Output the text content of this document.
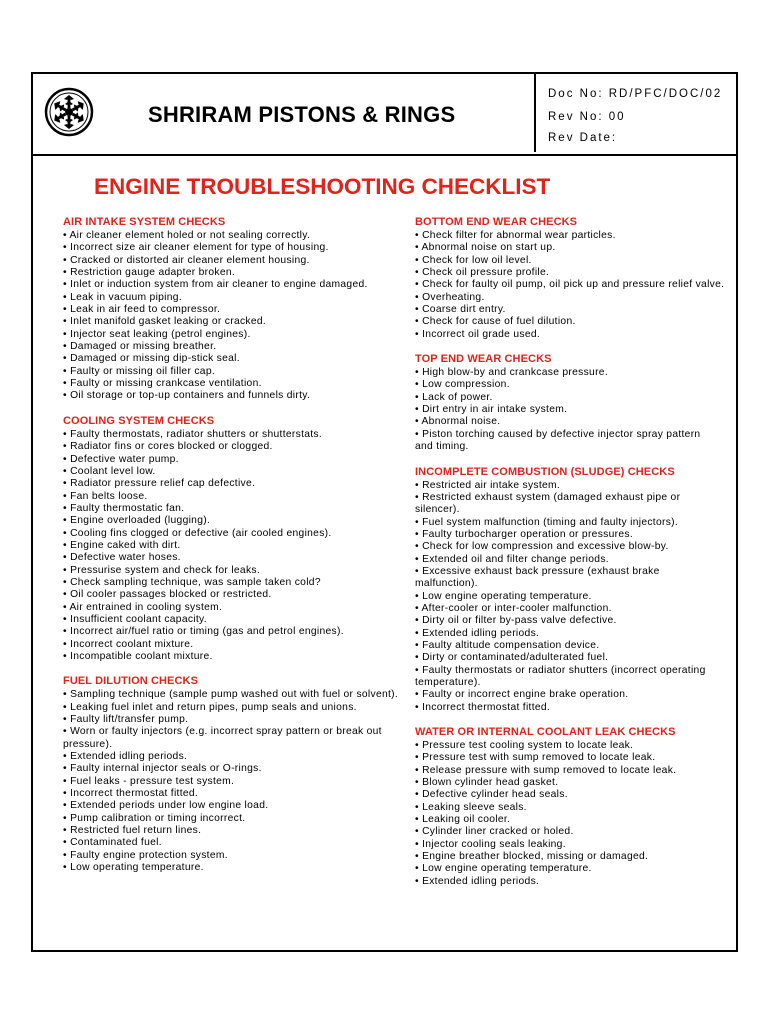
SHRIRAM PISTONS & RINGS
Doc No: RD/PFC/DOC/02
Rev No: 00
Rev Date:
ENGINE TROUBLESHOOTING CHECKLIST
AIR INTAKE SYSTEM CHECKS
• Air cleaner element holed or not sealing correctly.
• Incorrect size air cleaner element for type of housing.
• Cracked or distorted air cleaner element housing.
• Restriction gauge adapter broken.
• Inlet or induction system from air cleaner to engine damaged.
• Leak in vacuum piping.
• Leak in air feed to compressor.
• Inlet manifold gasket leaking or cracked.
• Injector seat leaking (petrol engines).
• Damaged or missing breather.
• Damaged or missing dip-stick seal.
• Faulty or missing oil filler cap.
• Faulty or missing crankcase ventilation.
• Oil storage or top-up containers and funnels dirty.
COOLING SYSTEM CHECKS
• Faulty thermostats, radiator shutters or shutterstats.
• Radiator fins or cores blocked or clogged.
• Defective water pump.
• Coolant level low.
• Radiator pressure relief cap defective.
• Fan belts loose.
• Faulty thermostatic fan.
• Engine overloaded (lugging).
• Cooling fins clogged or defective (air cooled engines).
• Engine caked with dirt.
• Defective water hoses.
• Pressurise system and check for leaks.
• Check sampling technique, was sample taken cold?
• Oil cooler passages blocked or restricted.
• Air entrained in cooling system.
• Insufficient coolant capacity.
• Incorrect air/fuel ratio or timing (gas and petrol engines).
• Incorrect coolant mixture.
• Incompatible coolant mixture.
FUEL DILUTION CHECKS
• Sampling technique (sample pump washed out with fuel or solvent).
• Leaking fuel inlet and return pipes, pump seals and unions.
• Faulty lift/transfer pump.
• Worn or faulty injectors (e.g. incorrect spray pattern or break out pressure).
• Extended idling periods.
• Faulty internal injector seals or O-rings.
• Fuel leaks - pressure test system.
• Incorrect thermostat fitted.
• Extended periods under low engine load.
• Pump calibration or timing incorrect.
• Restricted fuel return lines.
• Contaminated fuel.
• Faulty engine protection system.
• Low operating temperature.
BOTTOM END WEAR CHECKS
• Check filter for abnormal wear particles.
• Abnormal noise on start up.
• Check for low oil level.
• Check oil pressure profile.
• Check for faulty oil pump, oil pick up and pressure relief valve.
• Overheating.
• Coarse dirt entry.
• Check for cause of fuel dilution.
• Incorrect oil grade used.
TOP END WEAR CHECKS
• High blow-by and crankcase pressure.
• Low compression.
• Lack of power.
• Dirt entry in air intake system.
• Abnormal noise.
• Piston torching caused by defective injector spray pattern
and timing.
INCOMPLETE COMBUSTION (SLUDGE) CHECKS
• Restricted air intake system.
• Restricted exhaust system (damaged exhaust pipe or silencer).
• Fuel system malfunction (timing and faulty injectors).
• Faulty turbocharger operation or pressures.
• Check for low compression and excessive blow-by.
• Extended oil and filter change periods.
• Excessive exhaust back pressure (exhaust brake malfunction).
• Low engine operating temperature.
• After-cooler or inter-cooler malfunction.
• Dirty oil or filter by-pass valve defective.
• Extended idling periods.
• Faulty altitude compensation device.
• Dirty or contaminated/adulterated fuel.
• Faulty thermostats or radiator shutters (incorrect operating temperature).
• Faulty or incorrect engine brake operation.
• Incorrect thermostat fitted.
WATER OR INTERNAL COOLANT LEAK CHECKS
• Pressure test cooling system to locate leak.
• Pressure test with sump removed to locate leak.
• Release pressure with sump removed to locate leak.
• Blown cylinder head gasket.
• Defective cylinder head seals.
• Leaking sleeve seals.
• Leaking oil cooler.
• Cylinder liner cracked or holed.
• Injector cooling seals leaking.
• Engine breather blocked, missing or damaged.
• Low engine operating temperature.
• Extended idling periods.
